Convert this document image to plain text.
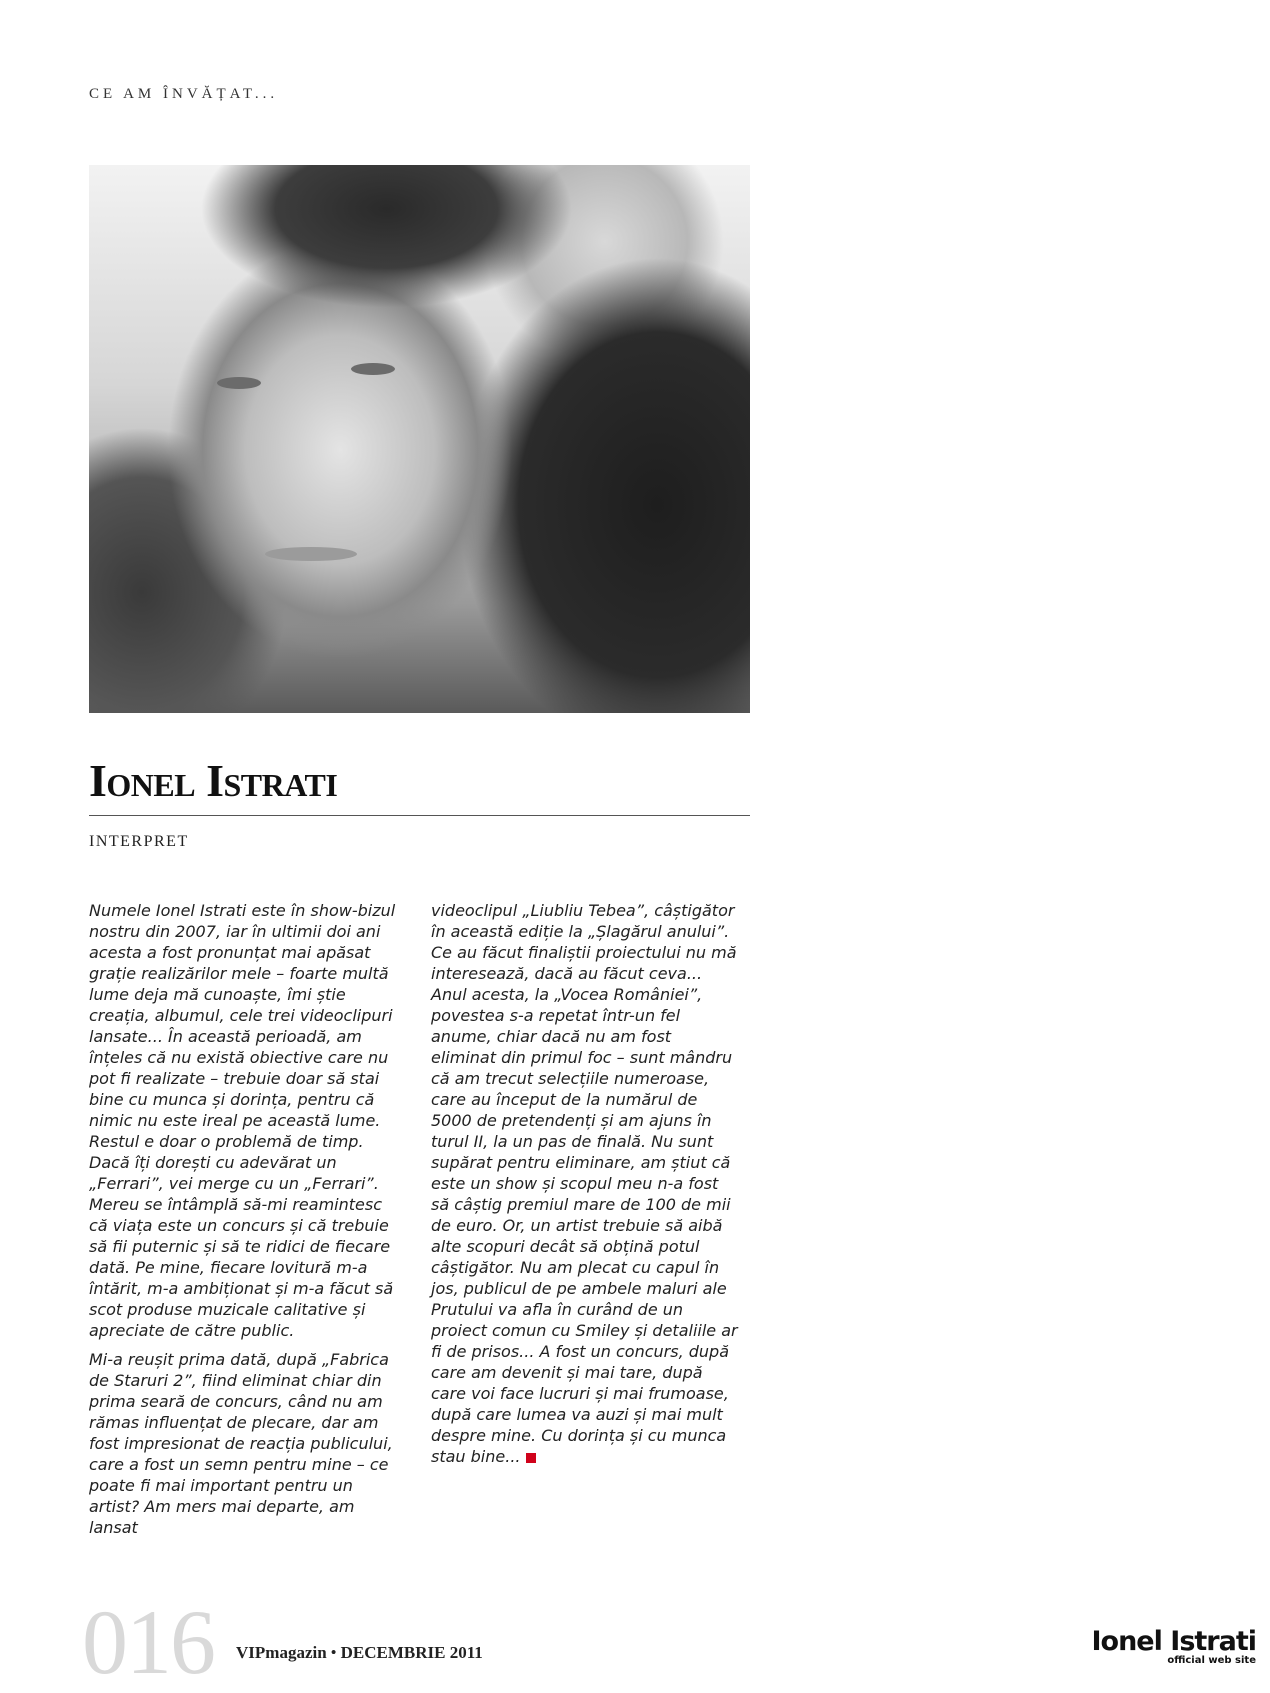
CE AM ÎNVĂȚAT...
Ionel Istrati
INTERPRET

Numele Ionel Istrati este în show-bizul nostru din 2007, iar în ultimii doi ani acesta a fost pronunțat mai apăsat grație realizărilor mele – foarte multă lume deja mă cunoaște, îmi știe creația, albumul, cele trei videoclipuri lansate... În această perioadă, am înțeles că nu există obiective care nu pot fi realizate – trebuie doar să stai bine cu munca și dorința, pentru că nimic nu este ireal pe această lume. Restul e doar o problemă de timp. Dacă îți dorești cu adevărat un „Ferrari”, vei merge cu un „Ferrari”. Mereu se întâmplă să-mi reamintesc că viața este un concurs și că trebuie să fii puternic și să te ridici de fiecare dată. Pe mine, fiecare lovitură m-a întărit, m-a ambiționat și m-a făcut să scot produse muzicale calitative și apreciate de către public.

Mi-a reușit prima dată, după „Fabrica de Staruri 2”, fiind eliminat chiar din prima seară de concurs, când nu am rămas influențat de plecare, dar am fost impresionat de reacția publicului, care a fost un semn pentru mine – ce poate fi mai important pentru un artist? Am mers mai departe, am lansat

videoclipul „Liubliu Tebea”, câștigător în această ediție la „Șlagărul anului”. Ce au făcut finaliștii proiectului nu mă interesează, dacă au făcut ceva... Anul acesta, la „Vocea României”, povestea s-a repetat într-un fel anume, chiar dacă nu am fost eliminat din primul foc – sunt mândru că am trecut selecțiile numeroase, care au început de la numărul de 5000 de pretendenți și am ajuns în turul II, la un pas de finală. Nu sunt supărat pentru eliminare, am știut că este un show și scopul meu n-a fost să câștig premiul mare de 100 de mii de euro. Or, un artist trebuie să aibă alte scopuri decât să obțină potul câștigător. Nu am plecat cu capul în jos, publicul de pe ambele maluri ale Prutului va afla în curând de un proiect comun cu Smiley și detaliile ar fi de prisos... A fost un concurs, după care am devenit și mai tare, după care voi face lucruri și mai frumoase, după care lumea va auzi și mai mult despre mine. Cu dorința și cu munca stau bine...

016 VIPmagazin • DECEMBRIE 2011	Ionel Istrati
official web site
